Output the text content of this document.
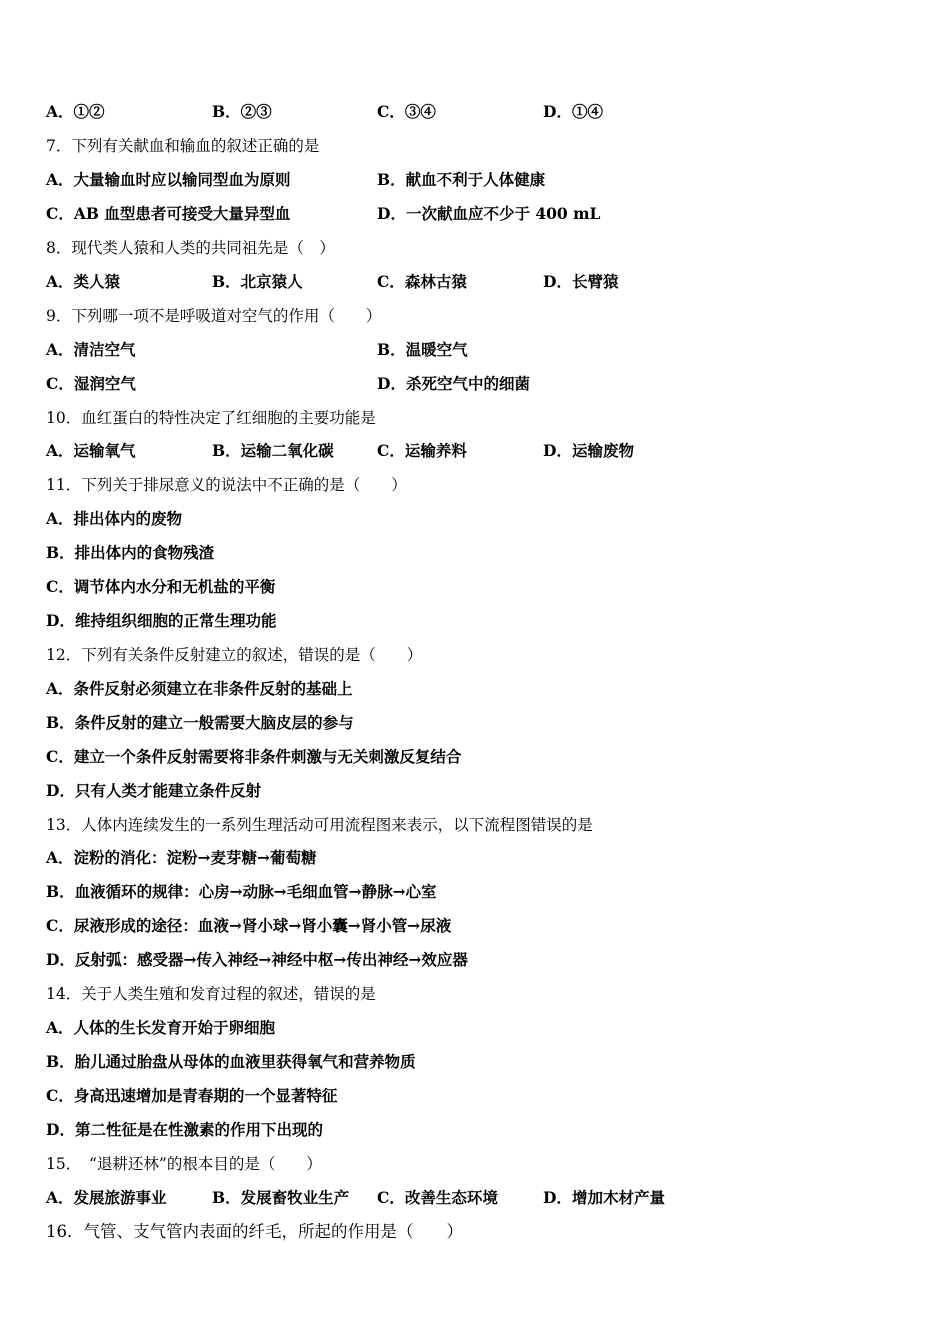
A．①②	B．②③	C．③④	D．①④
7．下列有关献血和输血的叙述正确的是
A．大量输血时应以输同型血为原则	B．献血不利于人体健康
C．AB 血型患者可接受大量异型血	D．一次献血应不少于 400 mL
8．现代类人猿和人类的共同祖先是（　）
A．类人猿	B．北京猿人	C．森林古猿	D．长臂猿
9．下列哪一项不是呼吸道对空气的作用（　　）
A．清洁空气	B．温暖空气
C．湿润空气	D．杀死空气中的细菌
10．血红蛋白的特性决定了红细胞的主要功能是
A．运输氧气	B．运输二氧化碳	C．运输养料	D．运输废物
11．下列关于排尿意义的说法中不正确的是（　　）
A．排出体内的废物
B．排出体内的食物残渣
C．调节体内水分和无机盐的平衡
D．维持组织细胞的正常生理功能
12．下列有关条件反射建立的叙述，错误的是（　　）
A．条件反射必须建立在非条件反射的基础上
B．条件反射的建立一般需要大脑皮层的参与
C．建立一个条件反射需要将非条件刺激与无关刺激反复结合
D．只有人类才能建立条件反射
13．人体内连续发生的一系列生理活动可用流程图来表示，以下流程图错误的是
A．淀粉的消化：淀粉→麦芽糖→葡萄糖
B．血液循环的规律：心房→动脉→毛细血管→静脉→心室
C．尿液形成的途径：血液→肾小球→肾小囊→肾小管→尿液
D．反射弧：感受器→传入神经→神经中枢→传出神经→效应器
14．关于人类生殖和发育过程的叙述，错误的是
A．人体的生长发育开始于卵细胞
B．胎儿通过胎盘从母体的血液里获得氧气和营养物质
C．身高迅速增加是青春期的一个显著特征
D．第二性征是在性激素的作用下出现的
15．　“退耕还林”的根本目的是（　　）
A．发展旅游事业	B．发展畜牧业生产 C．改善生态环境	D．增加木材产量
16．气管、支气管内表面的纤毛，所起的作用是（　　）
